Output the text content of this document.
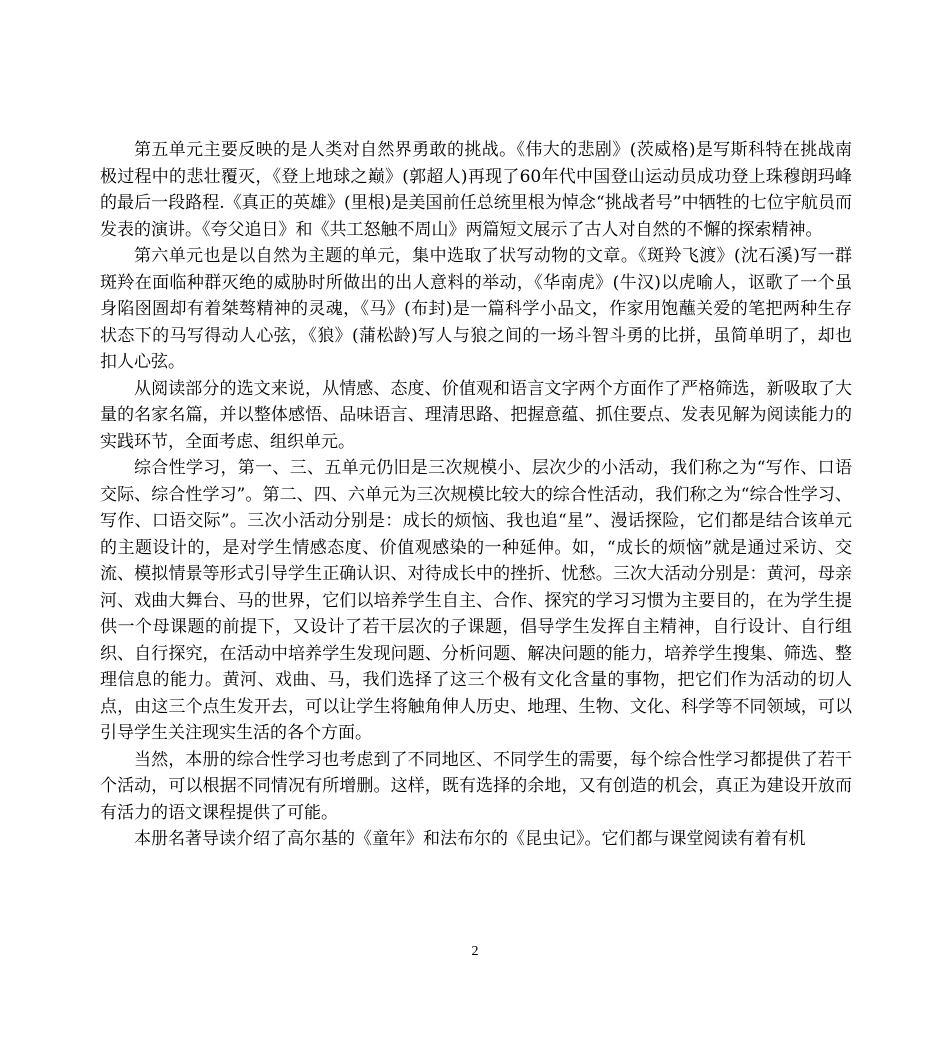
第五单元主要反映的是人类对自然界勇敢的挑战。《伟大的悲剧》(茨威格)是写斯科特在挑战南极过程中的悲壮覆灭，《登上地球之巅》(郭超人)再现了60年代中国登山运动员成功登上珠穆朗玛峰的最后一段路程.《真正的英雄》(里根)是美国前任总统里根为悼念“挑战者号”中牺牲的七位宇航员而发表的演讲。《夸父追日》和《共工怒触不周山》两篇短文展示了古人对自然的不懈的探索精神。

第六单元也是以自然为主题的单元，集中选取了状写动物的文章。《斑羚飞渡》(沈石溪)写一群斑羚在面临种群灭绝的威胁时所做出的出人意料的举动，《华南虎》(牛汉)以虎喻人，讴歌了一个虽身陷囹圄却有着桀骜精神的灵魂，《马》(布封)是一篇科学小品文，作家用饱蘸关爱的笔把两种生存状态下的马写得动人心弦，《狼》(蒲松龄)写人与狼之间的一场斗智斗勇的比拼，虽简单明了，却也扣人心弦。

从阅读部分的选文来说，从情感、态度、价值观和语言文字两个方面作了严格筛选，新吸取了大量的名家名篇，并以整体感悟、品味语言、理清思路、把握意蕴、抓住要点、发表见解为阅读能力的实践环节，全面考虑、组织单元。

综合性学习，第一、三、五单元仍旧是三次规模小、层次少的小活动，我们称之为“写作、口语交际、综合性学习”。第二、四、六单元为三次规模比较大的综合性活动，我们称之为“综合性学习、写作、口语交际”。三次小活动分别是：成长的烦恼、我也追“星”、漫话探险，它们都是结合该单元的主题设计的，是对学生情感态度、价值观感染的一种延伸。如，“成长的烦恼”就是通过采访、交流、模拟情景等形式引导学生正确认识、对待成长中的挫折、忧愁。三次大活动分别是：黄河，母亲河、戏曲大舞台、马的世界，它们以培养学生自主、合作、探究的学习习惯为主要目的，在为学生提供一个母课题的前提下，又设计了若干层次的子课题，倡导学生发挥自主精神，自行设计、自行组织、自行探究，在活动中培养学生发现问题、分析问题、解决问题的能力，培养学生搜集、筛选、整理信息的能力。黄河、戏曲、马，我们选择了这三个极有文化含量的事物，把它们作为活动的切人点，由这三个点生发开去，可以让学生将触角伸人历史、地理、生物、文化、科学等不同领域，可以引导学生关注现实生活的各个方面。

当然，本册的综合性学习也考虑到了不同地区、不同学生的需要，每个综合性学习都提供了若干个活动，可以根据不同情况有所增删。这样，既有选择的余地，又有创造的机会，真正为建设开放而有活力的语文课程提供了可能。

本册名著导读介绍了高尔基的《童年》和法布尔的《昆虫记》。它们都与课堂阅读有着有机

2
